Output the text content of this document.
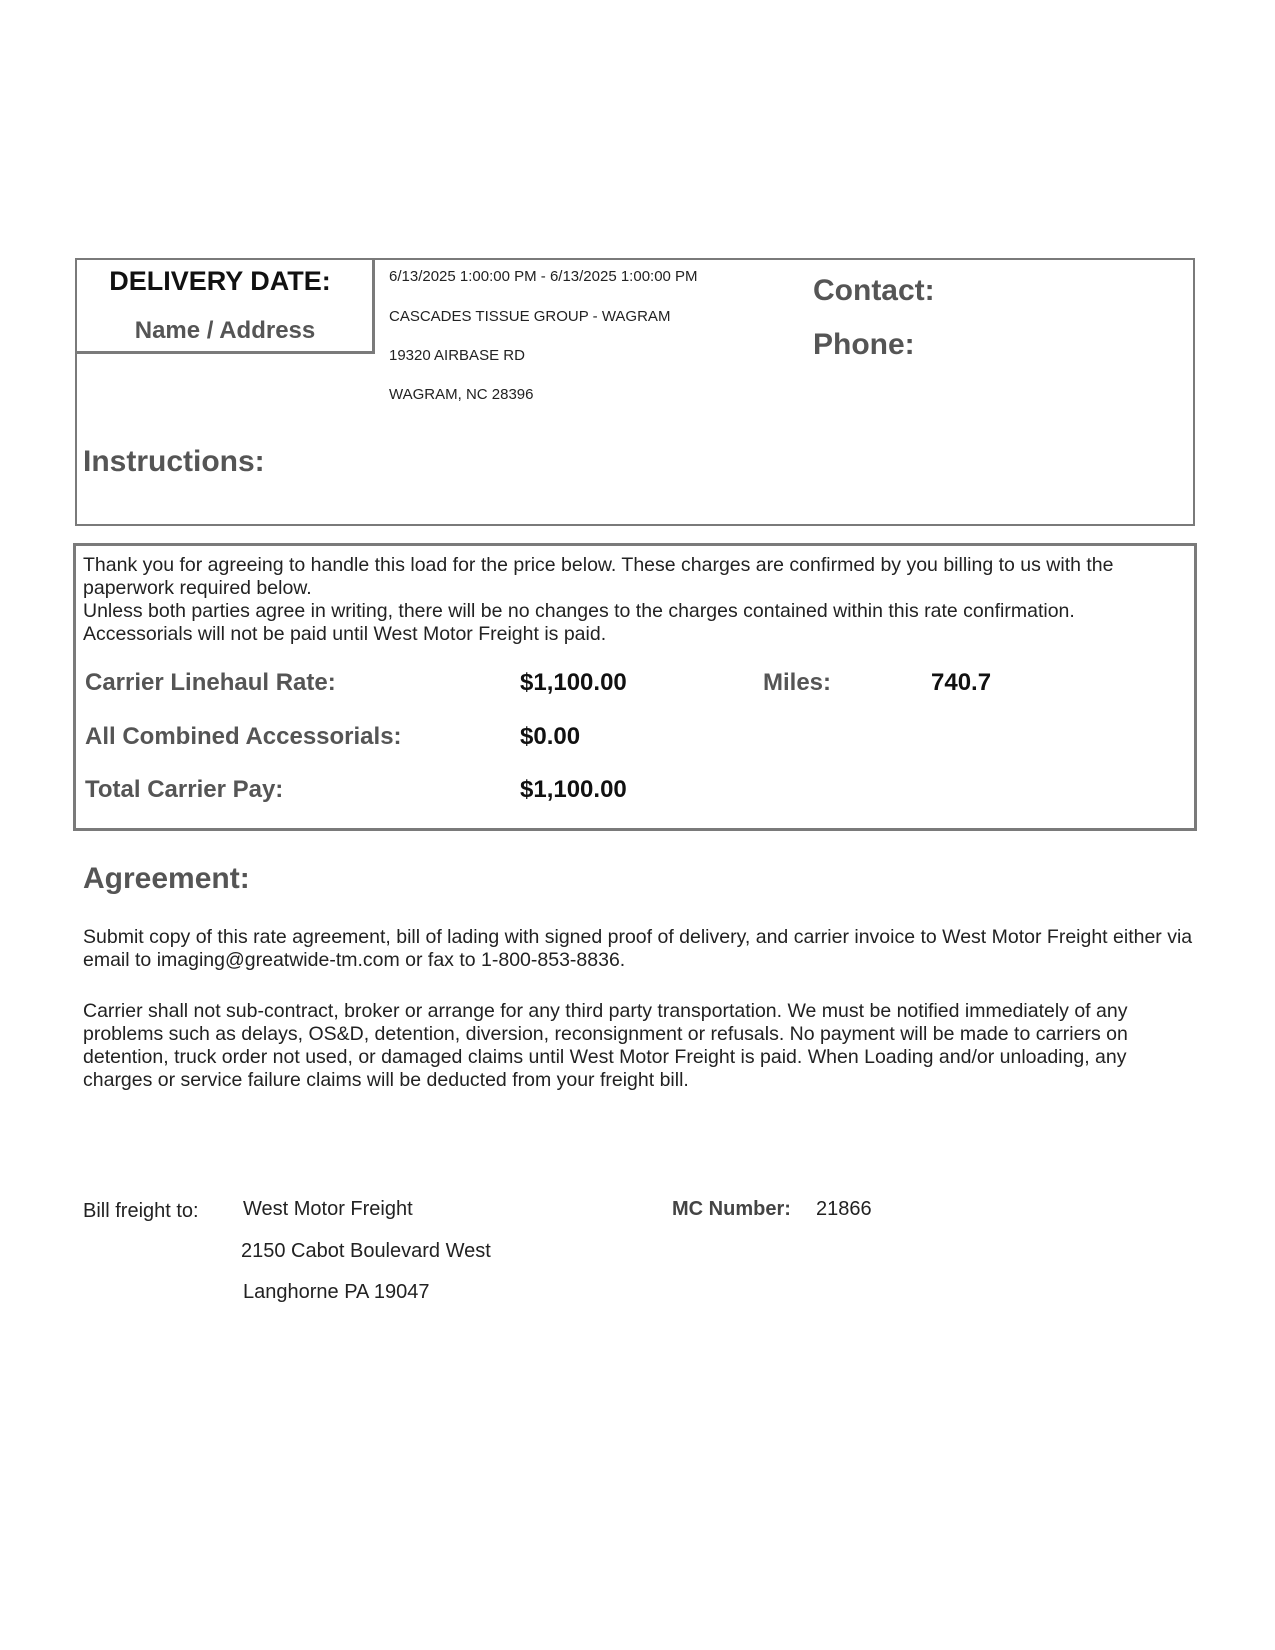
DELIVERY DATE:
Name / Address
6/13/2025 1:00:00 PM - 6/13/2025 1:00:00 PM
CASCADES TISSUE GROUP - WAGRAM
19320 AIRBASE RD
WAGRAM, NC 28396
Contact:
Phone:
Instructions:
Thank you for agreeing to handle this load for the price below. These charges are confirmed by you billing to us with the paperwork required below.
Unless both parties agree in writing, there will be no changes to the charges contained within this rate confirmation.
Accessorials will not be paid until West Motor Freight is paid.
Carrier Linehaul Rate:	$1,100.00	Miles:	740.7
All Combined Accessorials:	$0.00
Total Carrier Pay:	$1,100.00
Agreement:
Submit copy of this rate agreement, bill of lading with signed proof of delivery, and carrier invoice to West Motor Freight either via email to imaging@greatwide-tm.com or fax to 1-800-853-8836.
Carrier shall not sub-contract, broker or arrange for any third party transportation. We must be notified immediately of any problems such as delays, OS&D, detention, diversion, reconsignment or refusals. No payment will be made to carriers on detention, truck order not used, or damaged claims until West Motor Freight is paid. When Loading and/or unloading, any charges or service failure claims will be deducted from your freight bill.
Bill freight to: West Motor Freight
2150 Cabot Boulevard West
Langhorne PA 19047
MC Number: 21866
